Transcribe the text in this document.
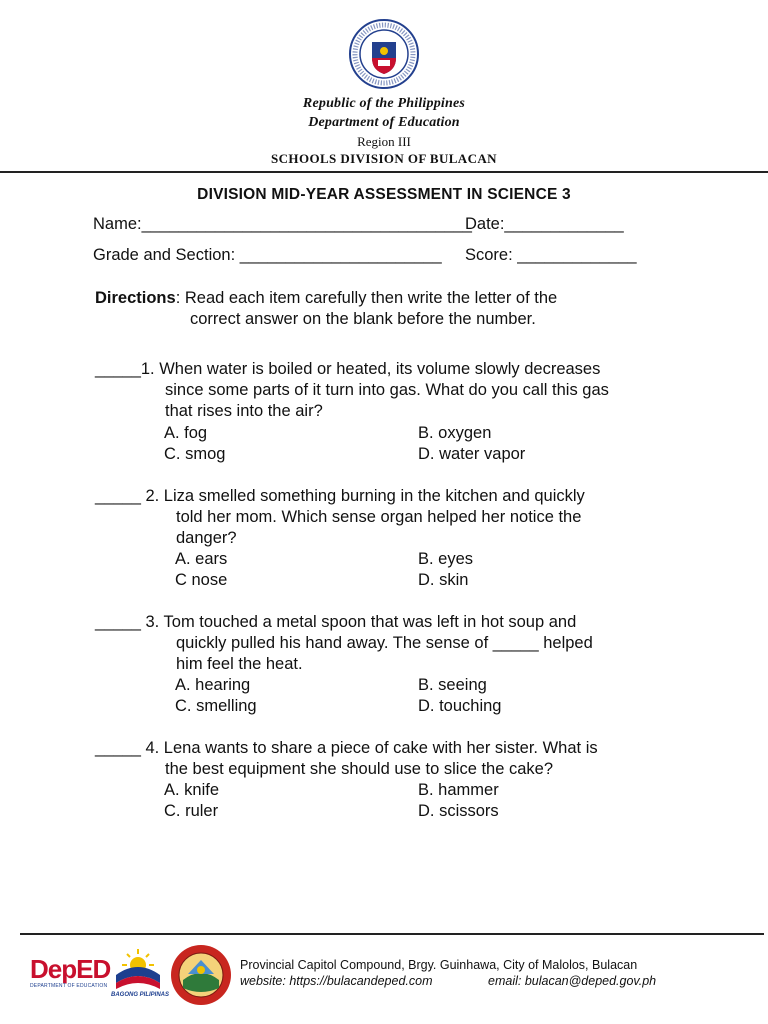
Republic of the Philippines
Department of Education
Region III
SCHOOLS DIVISION OF BULACAN
DIVISION MID-YEAR ASSESSMENT IN SCIENCE 3
Name:____________________________________
Date:_____________
Grade and Section: ______________________ Score: _____________
Directions: Read each item carefully then write the letter of the
correct answer on the blank before the number.
_____1. When water is boiled or heated, its volume slowly decreases
since some parts of it turn into gas. What do you call this gas
that rises into the air?
A. fog	B. oxygen
C. smog	D. water vapor
_____ 2. Liza smelled something burning in the kitchen and quickly
told her mom. Which sense organ helped her notice the
danger?
A. ears	B. eyes
C nose	D. skin
_____ 3. Tom touched a metal spoon that was left in hot soup and
quickly pulled his hand away. The sense of _____ helped
him feel the heat.
A. hearing	B. seeing
C. smelling	D. touching
_____ 4. Lena wants to share a piece of cake with her sister. What is
the best equipment she should use to slice the cake?
A. knife	B. hammer
C. ruler	D. scissors
DepED
DEPARTMENT OF EDUCATION
BAGONG PILIPINAS
Provincial Capitol Compound, Brgy. Guinhawa, City of Malolos, Bulacan
website: https://bulacandeped.com	email: bulacan@deped.gov.ph
